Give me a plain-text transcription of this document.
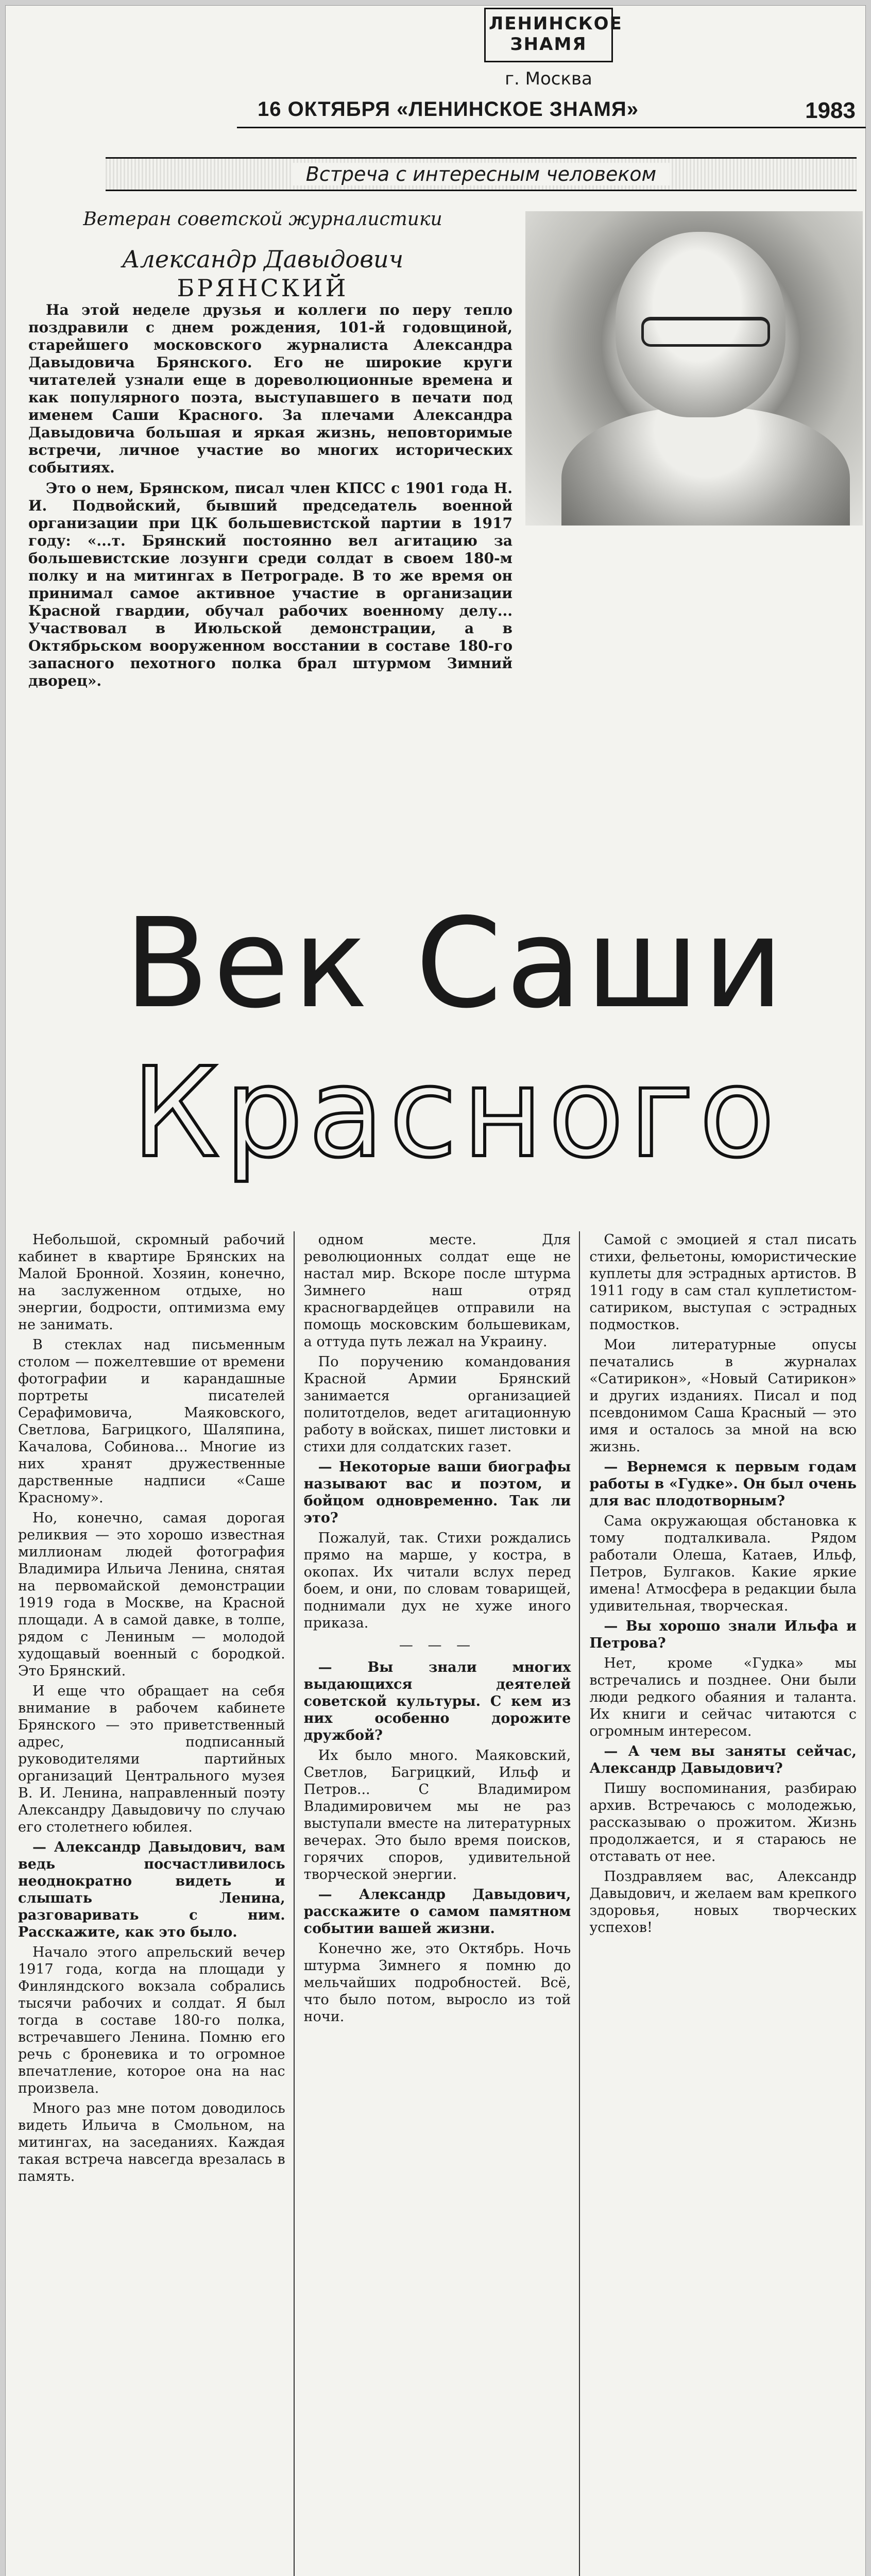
ЛЕНИНСКОЕ ЗНАМЯ
г. Москва
16 ОКТЯБРЯ «ЛЕНИНСКОЕ ЗНАМЯ»	1983
Встреча с интересным человеком
Ветеран советской журналистики
Александр Давыдович
БРЯНСКИЙ

На этой неделе друзья и коллеги по перу тепло поздравили с днем рождения, 101-й годовщиной, старейшего московского журналиста Александра Давыдовича Брянского. Его не широкие круги читателей узнали еще в дореволюционные времена и как популярного поэта, выступавшего в печати под именем Саши Красного. За плечами Александра Давыдовича большая и яркая жизнь, неповторимые встречи, личное участие во многих исторических событиях.

Это о нем, Брянском, писал член КПСС с 1901 года Н. И. Подвойский, бывший председатель военной организации при ЦК большевистской партии в 1917 году: «...т. Брянский постоянно вел агитацию за большевистские лозунги среди солдат в своем 180-м полку и на митингах в Петрограде. В то же время он принимал самое активное участие в организации Красной гвардии, обучал рабочих военному делу... Участвовал в Июльской демонстрации, а в Октябрьском вооруженном восстании в составе 180-го запасного пехотного полка брал штурмом Зимний дворец».

Век Саши
Красного

Небольшой, скромный рабочий кабинет в квартире Брянских на Малой Бронной. Хозяин, конечно, на заслуженном отдыхе, но энергии, бодрости, оптимизма ему не занимать.

В стеклах над письменным столом — пожелтевшие от времени фотографии и карандашные портреты писателей Серафимовича, Маяковского, Светлова, Багрицкого, Шаляпина, Качалова, Собинова... Многие из них хранят дружественные дарственные надписи «Саше Красному».

Но, конечно, самая дорогая реликвия — это хорошо известная миллионам людей фотография Владимира Ильича Ленина, снятая на первомайской демонстрации 1919 года в Москве, на Красной площади. А в самой давке, в толпе, рядом с Лениным — молодой худощавый военный с бородкой. Это Брянский.

И еще что обращает на себя внимание в рабочем кабинете Брянского — это приветственный адрес, подписанный руководителями партийных организаций Центрального музея В. И. Ленина, направленный поэту Александру Давыдовичу по случаю его столетнего юбилея.

— Александр Давыдович, вам ведь посчастливилось неоднократно видеть и слышать Ленина, разговаривать с ним. Расскажите, как это было.

Начало этого апрельский вечер 1917 года, когда на площади у Финляндского вокзала собрались тысячи рабочих и солдат. Я был тогда в составе 180-го полка, встречавшего Ленина. Помню его речь с броневика и то огромное впечатление, которое она на нас произвела.

Много раз мне потом доводилось видеть Ильича в Смольном, на митингах, на заседаниях. Каждая такая встреча навсегда врезалась в память.

одном месте. Для революционных солдат еще не настал мир. Вскоре после штурма Зимнего наш отряд красногвардейцев отправили на помощь московским большевикам, а оттуда путь лежал на Украину.

По поручению командования Красной Армии Брянский занимается организацией политотделов, ведет агитационную работу в войсках, пишет листовки и стихи для солдатских газет.

— Некоторые ваши биографы называют вас и поэтом, и бойцом одновременно. Так ли это?

Пожалуй, так. Стихи рождались прямо на марше, у костра, в окопах. Их читали вслух перед боем, и они, по словам товарищей, поднимали дух не хуже иного приказа.

— — —

— Вы знали многих выдающихся деятелей советской культуры. С кем из них особенно дорожите дружбой?

Их было много. Маяковский, Светлов, Багрицкий, Ильф и Петров... С Владимиром Владимировичем мы не раз выступали вместе на литературных вечерах. Это было время поисков, горячих споров, удивительной творческой энергии.

— Александр Давыдович, расскажите о самом памятном событии вашей жизни.

Конечно же, это Октябрь. Ночь штурма Зимнего я помню до мельчайших подробностей. Всё, что было потом, выросло из той ночи.

Самой с эмоцией я стал писать стихи, фельетоны, юмористические куплеты для эстрадных артистов. В 1911 году в сам стал куплетистом-сатириком, выступая с эстрадных подмостков.

Мои литературные опусы печатались в журналах «Сатирикон», «Новый Сатирикон» и других изданиях. Писал и под псевдонимом Саша Красный — это имя и осталось за мной на всю жизнь.

— Вернемся к первым годам работы в «Гудке». Он был очень для вас плодотворным?

Сама окружающая обстановка к тому подталкивала. Рядом работали Олеша, Катаев, Ильф, Петров, Булгаков. Какие яркие имена! Атмосфера в редакции была удивительная, творческая.

— Вы хорошо знали Ильфа и Петрова?

Нет, кроме «Гудка» мы встречались и позднее. Они были люди редкого обаяния и таланта. Их книги и сейчас читаются с огромным интересом.

— А чем вы заняты сейчас, Александр Давыдович?

Пишу воспоминания, разбираю архив. Встречаюсь с молодежью, рассказываю о прожитом. Жизнь продолжается, и я стараюсь не отставать от нее.

Поздравляем вас, Александр Давыдович, и желаем вам крепкого здоровья, новых творческих успехов!
